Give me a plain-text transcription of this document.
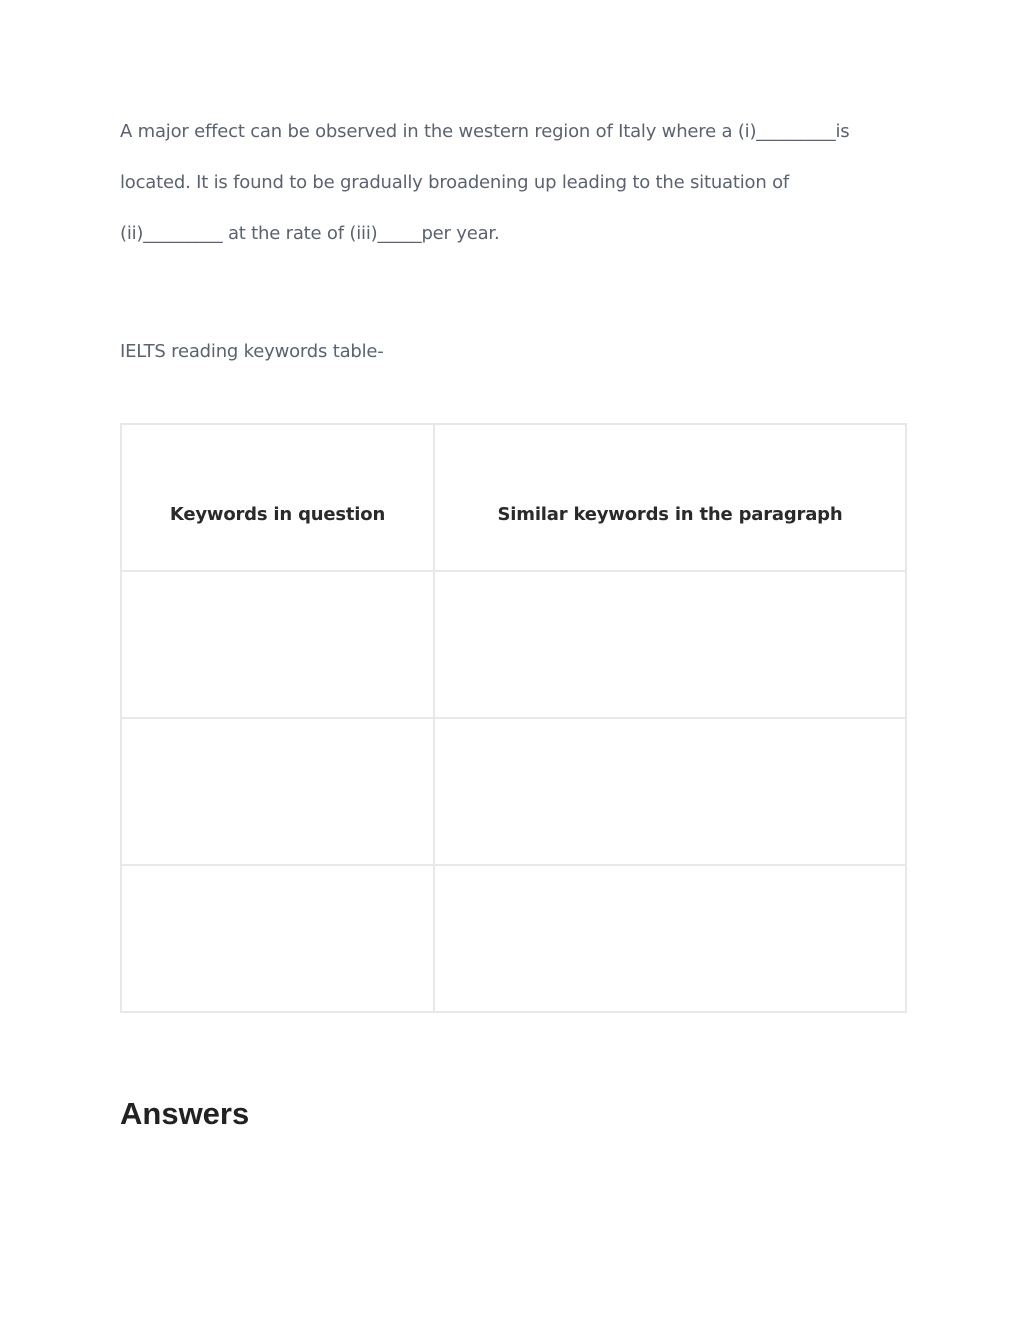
A major effect can be observed in the western region of Italy where a (i)_________is

located. It is found to be gradually broadening up leading to the situation of

(ii)_________ at the rate of (iii)_____per year.

IELTS reading keywords table-

Keywords in question	Similar keywords in the paragraph

Answers
